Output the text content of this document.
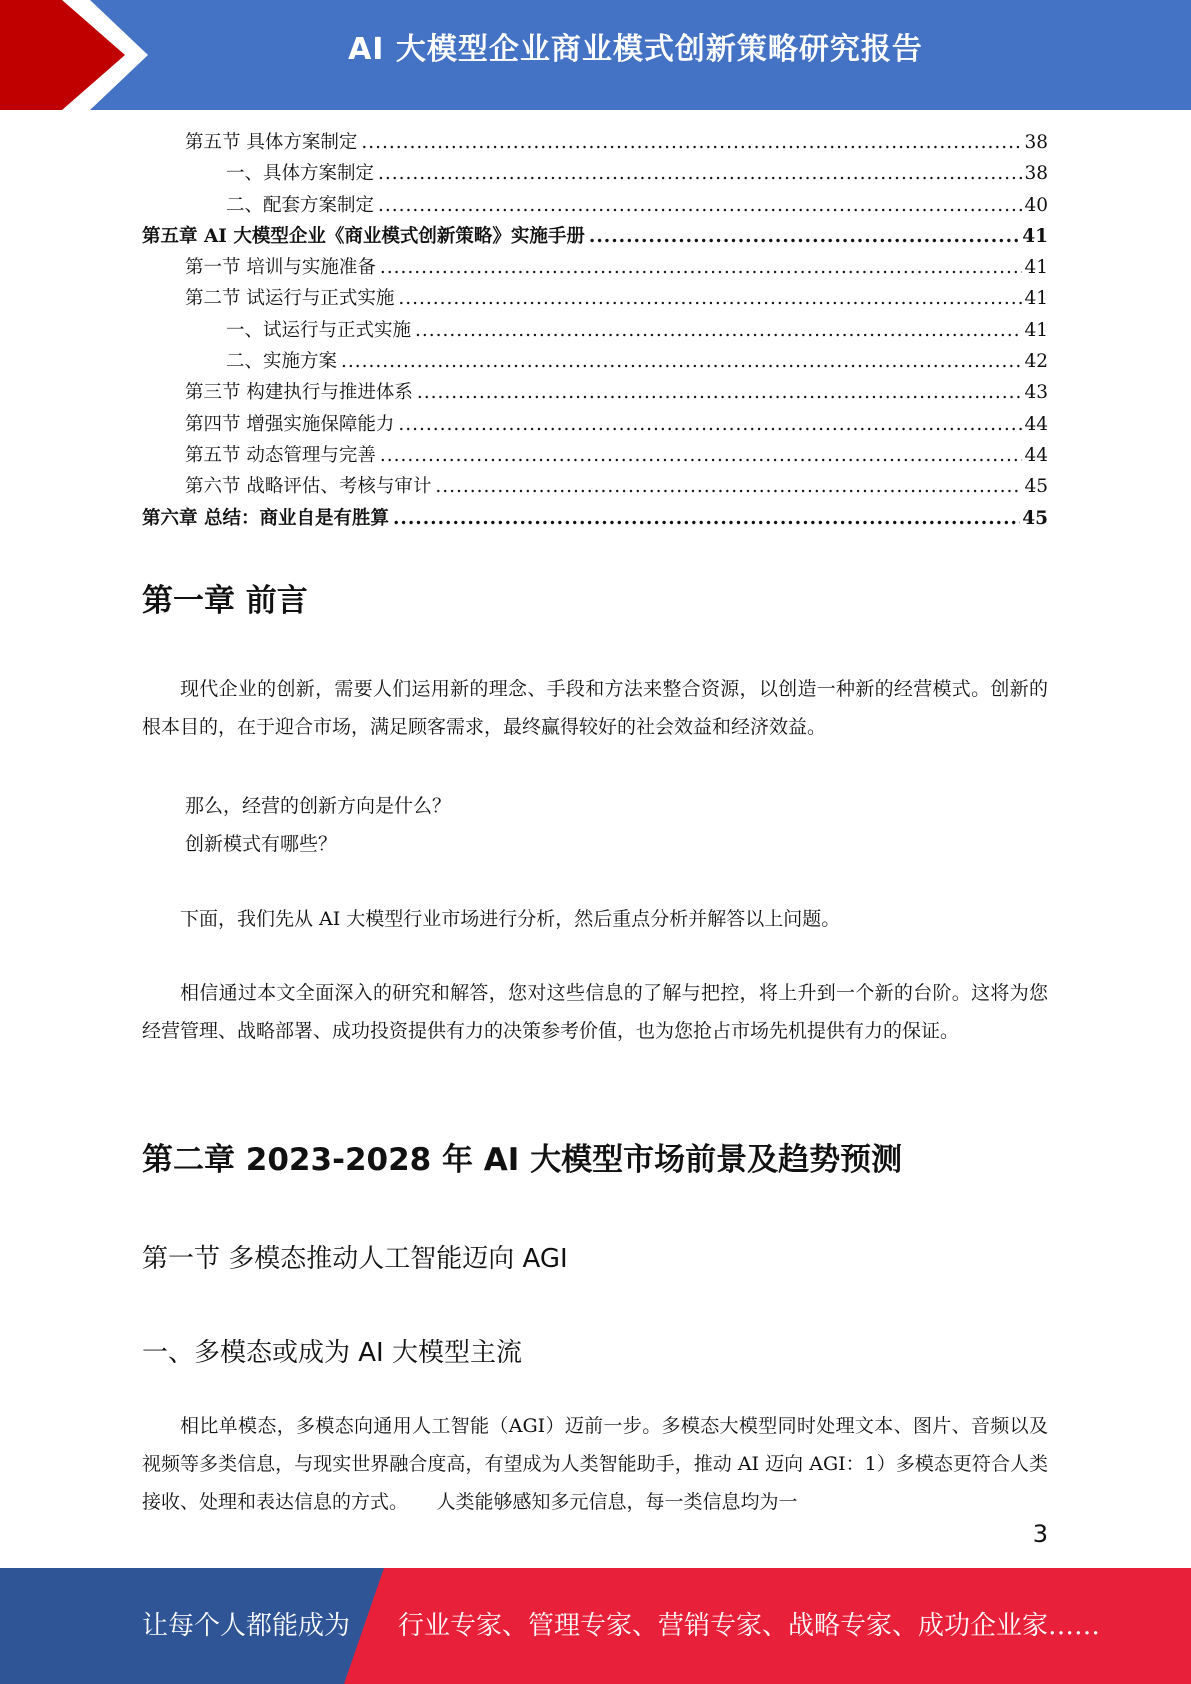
AI 大模型企业商业模式创新策略研究报告
第五节 具体方案制定 .....	38
一、具体方案制定 .....	38
二、配套方案制定 .....	40
第五章 AI 大模型企业《商业模式创新策略》实施手册 .....	41
第一节 培训与实施准备 .....	41
第二节 试运行与正式实施 .....	41
一、试运行与正式实施 .....	41
二、实施方案 .....	42
第三节 构建执行与推进体系 .....	43
第四节 增强实施保障能力 .....	44
第五节 动态管理与完善 .....	44
第六节 战略评估、考核与审计 .....	45
第六章 总结：商业自是有胜算 .....	45
第一章 前言

现代企业的创新，需要人们运用新的理念、手段和方法来整合资源，以创造一种新的经营模式。创新的根本目的，在于迎合市场，满足顾客需求，最终赢得较好的社会效益和经济效益。

那么，经营的创新方向是什么？
创新模式有哪些？

下面，我们先从 AI 大模型行业市场进行分析，然后重点分析并解答以上问题。

相信通过本文全面深入的研究和解答，您对这些信息的了解与把控，将上升到一个新的台阶。这将为您经营管理、战略部署、成功投资提供有力的决策参考价值，也为您抢占市场先机提供有力的保证。

第二章 2023-2028 年 AI 大模型市场前景及趋势预测
第一节 多模态推动人工智能迈向 AGI
一、多模态或成为 AI 大模型主流

相比单模态，多模态向通用人工智能（AGI）迈前一步。多模态大模型同时处理文本、图片、音频以及视频等多类信息，与现实世界融合度高，有望成为人类智能助手，推动 AI 迈向 AGI：1）多模态更符合人类接收、处理和表达信息的方式。　　人类能够感知多元信息，每一类信息均为一

3
让每个人都能成为 行业专家、管理专家、营销专家、战略专家、成功企业家……
